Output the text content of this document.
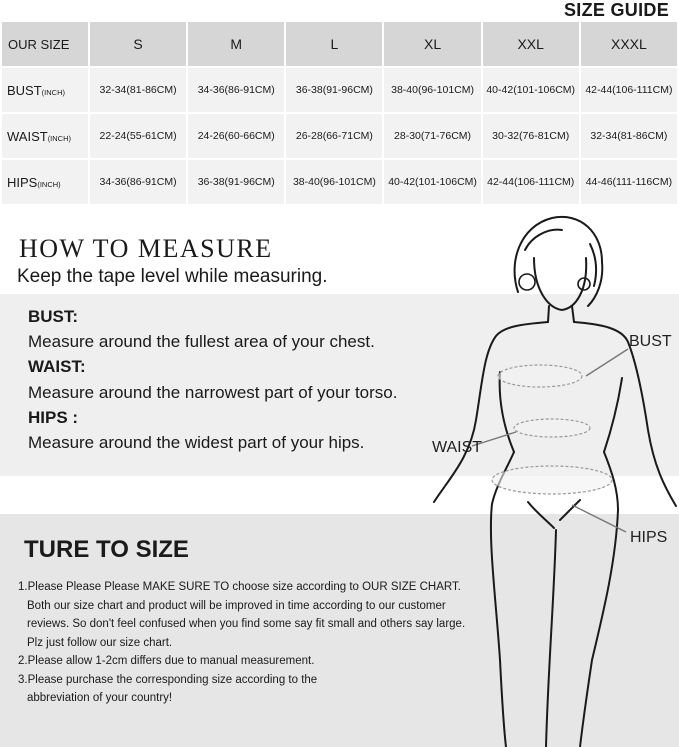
SIZE GUIDE
OUR SIZE	S	M	L	XL	XXL	XXXL
BUST(INCH)	32-34(81-86CM)	34-36(86-91CM)	36-38(91-96CM)	38-40(96-101CM)	40-42(101-106CM)	42-44(106-111CM)
WAIST(INCH)	22-24(55-61CM)	24-26(60-66CM)	26-28(66-71CM)	28-30(71-76CM)	30-32(76-81CM)	32-34(81-86CM)
HIPS(INCH)	34-36(86-91CM)	36-38(91-96CM)	38-40(96-101CM)	40-42(101-106CM)	42-44(106-111CM)	44-46(111-116CM)
HOW TO MEASURE
Keep the tape level while measuring.
BUST:
Measure around the fullest area of your chest.
WAIST:
Measure around the narrowest part of your torso.
HIPS :
Measure around the widest part of your hips.
TURE TO SIZE
1.Please Please Please MAKE SURE TO choose size according to OUR SIZE CHART.
Both our size chart and product will be improved in time according to our customer
reviews. So don't feel confused when you find some say fit small and others say large.
Plz just follow our size chart.
2.Please allow 1-2cm differs due to manual measurement.
3.Please purchase the corresponding size according to the
abbreviation of your country!
BUST
WAIST
HIPS
